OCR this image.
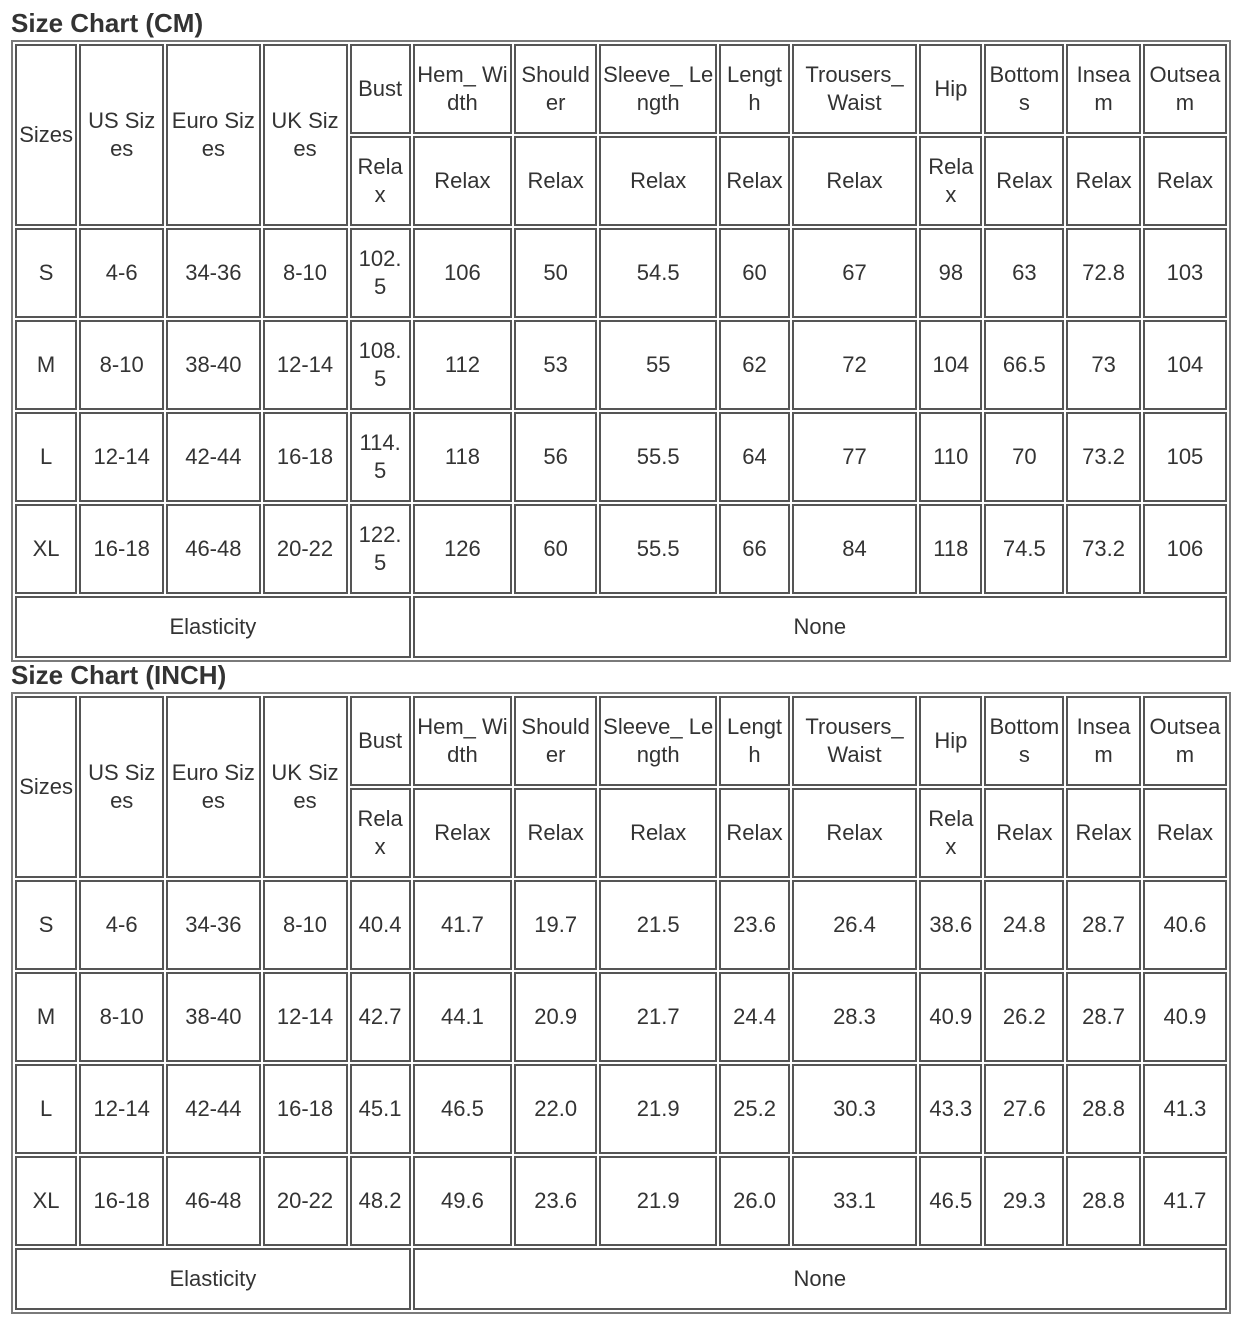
Size Chart (CM)
Sizes	US Sizes	Euro Sizes	UK Sizes	Bust	Hem_ Width	Shoulder	Sleeve_ Length	Length	Trousers_Waist	Hip	Bottoms	Inseam	Outseam
				Relax	Relax	Relax	Relax	Relax	Relax	Relax	Relax	Relax	Relax
S	4-6	34-36	8-10	102.5	106	50	54.5	60	67	98	63	72.8	103
M	8-10	38-40	12-14	108.5	112	53	55	62	72	104	66.5	73	104
L	12-14	42-44	16-18	114.5	118	56	55.5	64	77	110	70	73.2	105
XL	16-18	46-48	20-22	122.5	126	60	55.5	66	84	118	74.5	73.2	106
Elasticity					None								
Size Chart (INCH)
Sizes	US Sizes	Euro Sizes	UK Sizes	Bust	Hem_ Width	Shoulder	Sleeve_ Length	Length	Trousers_Waist	Hip	Bottoms	Inseam	Outseam
				Relax	Relax	Relax	Relax	Relax	Relax	Relax	Relax	Relax	Relax
S	4-6	34-36	8-10	40.4	41.7	19.7	21.5	23.6	26.4	38.6	24.8	28.7	40.6
M	8-10	38-40	12-14	42.7	44.1	20.9	21.7	24.4	28.3	40.9	26.2	28.7	40.9
L	12-14	42-44	16-18	45.1	46.5	22.0	21.9	25.2	30.3	43.3	27.6	28.8	41.3
XL	16-18	46-48	20-22	48.2	49.6	23.6	21.9	26.0	33.1	46.5	29.3	28.8	41.7
Elasticity					None								
